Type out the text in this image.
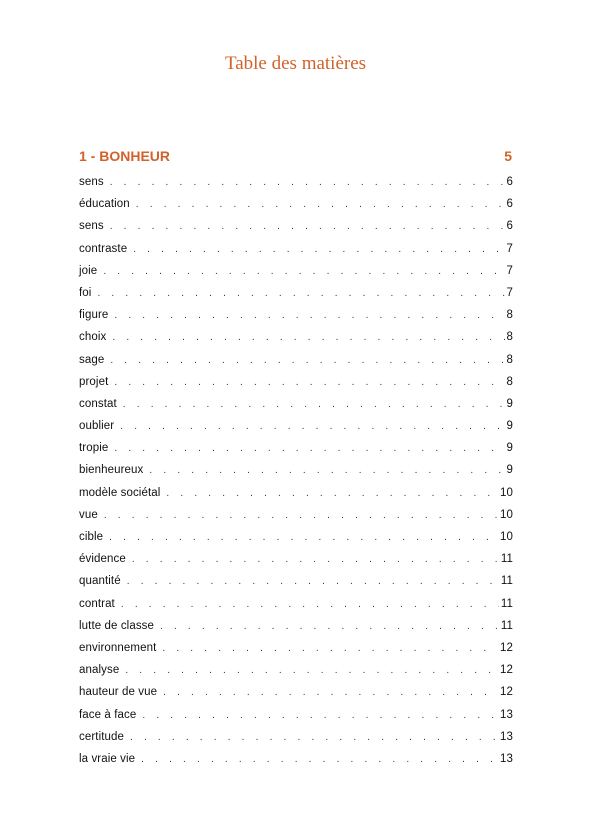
Table des matières
1 - BONHEUR	5
sens . . .	6
éducation . . .	6
sens . . .	6
contraste . . .	7
joie . . .	7
foi . . .	7
figure . . .	8
choix . . .	8
sage . . .	8
projet . . .	8
constat . . .	9
oublier . . .	9
tropie . . .	9
bienheureux . . .	9
modèle sociétal . . .	10
vue . . .	10
cible . . .	10
évidence . . .	11
quantité . . .	11
contrat . . .	11
lutte de classe . . .	11
environnement . . .	12
analyse . . .	12
hauteur de vue . . .	12
face à face . . .	13
certitude . . .	13
la vraie vie . . .	13
